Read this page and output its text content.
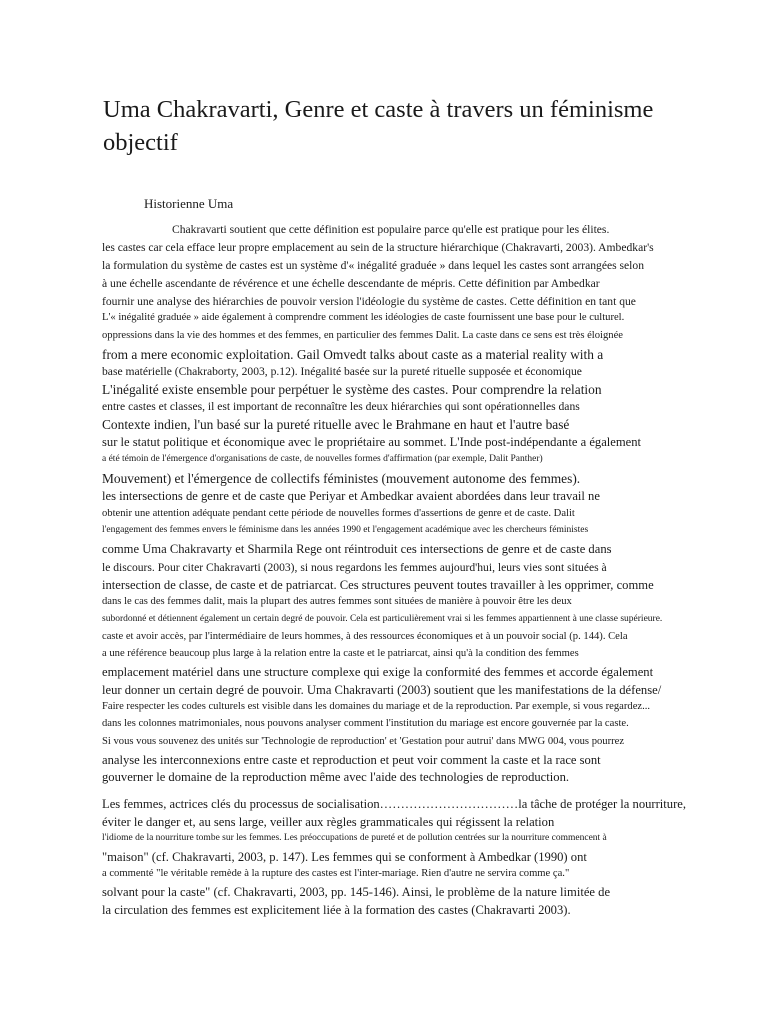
Uma Chakravarti, Genre et caste à travers un féminisme objectif

Historienne Uma

Chakravarti soutient que cette définition est populaire parce qu'elle est pratique pour les élites.

les castes car cela efface leur propre emplacement au sein de la structure hiérarchique (Chakravarti, 2003). Ambedkar's

la formulation du système de castes est un système d'« inégalité graduée » dans lequel les castes sont arrangées selon

à une échelle ascendante de révérence et une échelle descendante de mépris. Cette définition par Ambedkar

fournir une analyse des hiérarchies de pouvoir version l'idéologie du système de castes. Cette définition en tant que

L'« inégalité graduée » aide également à comprendre comment les idéologies de caste fournissent une base pour le culturel.

oppressions dans la vie des hommes et des femmes, en particulier des femmes Dalit. La caste dans ce sens est très éloignée

from a mere economic exploitation. Gail Omvedt talks about caste as a material reality with a

base matérielle (Chakraborty, 2003, p.12). Inégalité basée sur la pureté rituelle supposée et économique

L'inégalité existe ensemble pour perpétuer le système des castes. Pour comprendre la relation

entre castes et classes, il est important de reconnaître les deux hiérarchies qui sont opérationnelles dans

Contexte indien, l'un basé sur la pureté rituelle avec le Brahmane en haut et l'autre basé

sur le statut politique et économique avec le propriétaire au sommet. L'Inde post-indépendante a également

a été témoin de l'émergence d'organisations de caste, de nouvelles formes d'affirmation (par exemple, Dalit Panther)

Mouvement) et l'émergence de collectifs féministes (mouvement autonome des femmes).

les intersections de genre et de caste que Periyar et Ambedkar avaient abordées dans leur travail ne

obtenir une attention adéquate pendant cette période de nouvelles formes d'assertions de genre et de caste. Dalit

l'engagement des femmes envers le féminisme dans les années 1990 et l'engagement académique avec les chercheurs féministes

comme Uma Chakravarty et Sharmila Rege ont réintroduit ces intersections de genre et de caste dans

le discours. Pour citer Chakravarti (2003), si nous regardons les femmes aujourd'hui, leurs vies sont situées à

intersection de classe, de caste et de patriarcat. Ces structures peuvent toutes travailler à les opprimer, comme

dans le cas des femmes dalit, mais la plupart des autres femmes sont situées de manière à pouvoir être les deux

subordonné et détiennent également un certain degré de pouvoir. Cela est particulièrement vrai si les femmes appartiennent à une classe supérieure.

caste et avoir accès, par l'intermédiaire de leurs hommes, à des ressources économiques et à un pouvoir social (p. 144). Cela

a une référence beaucoup plus large à la relation entre la caste et le patriarcat, ainsi qu'à la condition des femmes

emplacement matériel dans une structure complexe qui exige la conformité des femmes et accorde également

leur donner un certain degré de pouvoir. Uma Chakravarti (2003) soutient que les manifestations de la défense/

Faire respecter les codes culturels est visible dans les domaines du mariage et de la reproduction. Par exemple, si vous regardez...

dans les colonnes matrimoniales, nous pouvons analyser comment l'institution du mariage est encore gouvernée par la caste.

Si vous vous souvenez des unités sur 'Technologie de reproduction' et 'Gestation pour autrui' dans MWG 004, vous pourrez

analyse les interconnexions entre caste et reproduction et peut voir comment la caste et la race sont

gouverner le domaine de la reproduction même avec l'aide des technologies de reproduction.

Les femmes, actrices clés du processus de socialisation……………………………la tâche de protéger la nourriture,

éviter le danger et, au sens large, veiller aux règles grammaticales qui régissent la relation

l'idiome de la nourriture tombe sur les femmes. Les préoccupations de pureté et de pollution centrées sur la nourriture commencent à

"maison" (cf. Chakravarti, 2003, p. 147). Les femmes qui se conforment à Ambedkar (1990) ont

a commenté "le véritable remède à la rupture des castes est l'inter-mariage. Rien d'autre ne servira comme ça."

solvant pour la caste" (cf. Chakravarti, 2003, pp. 145-146). Ainsi, le problème de la nature limitée de

la circulation des femmes est explicitement liée à la formation des castes (Chakravarti 2003).
